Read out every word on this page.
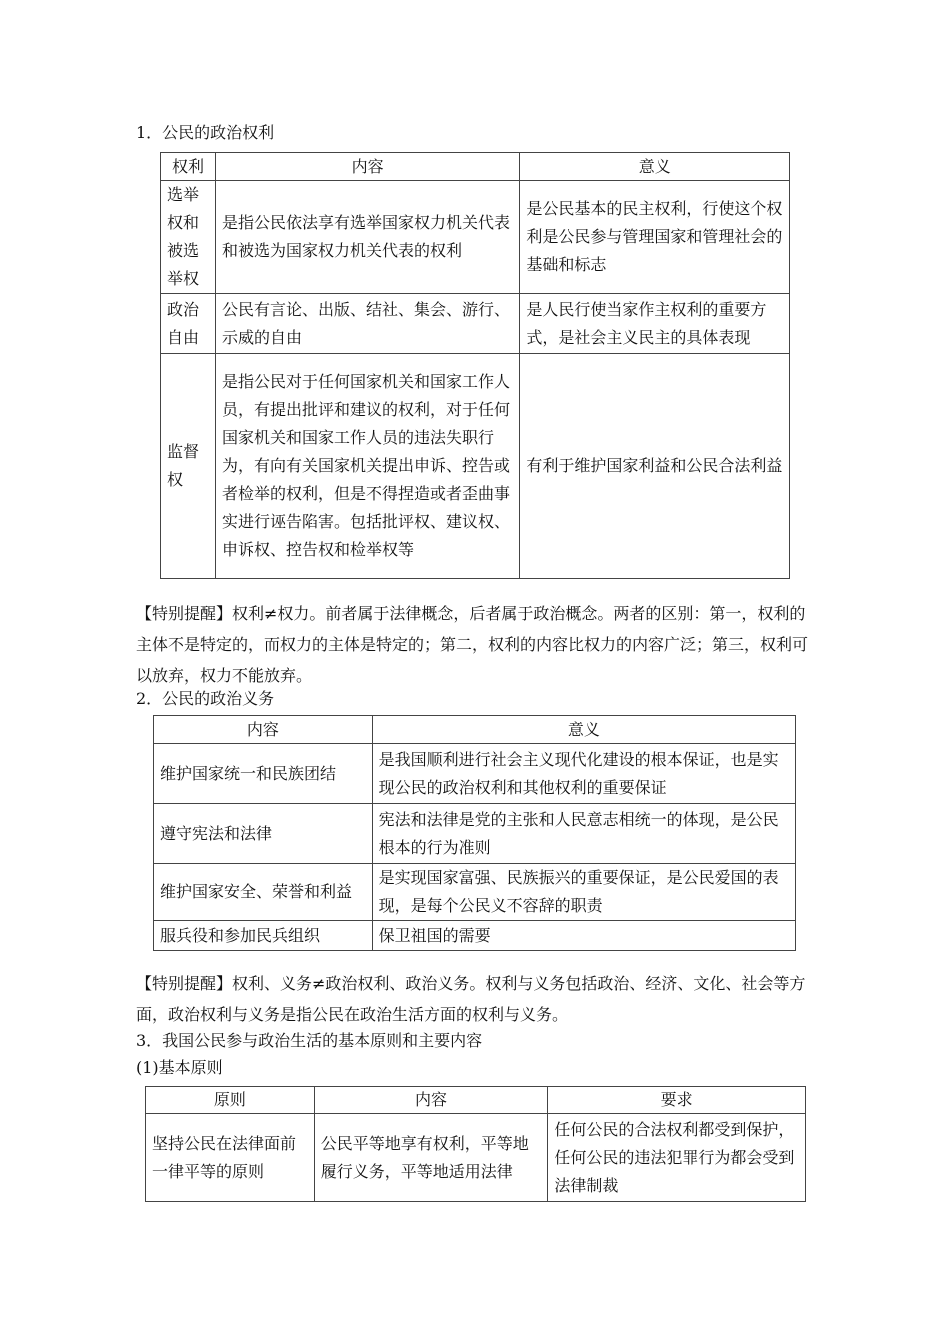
1．公民的政治权利
权利	内容	意义
选举权和被选举权	是指公民依法享有选举国家权力机关代表和被选为国家权力机关代表的权利	是公民基本的民主权利，行使这个权利是公民参与管理国家和管理社会的基础和标志
政治自由	公民有言论、出版、结社、集会、游行、示威的自由	是人民行使当家作主权利的重要方式，是社会主义民主的具体表现
监督权	是指公民对于任何国家机关和国家工作人员，有提出批评和建议的权利，对于任何国家机关和国家工作人员的违法失职行为，有向有关国家机关提出申诉、控告或者检举的权利，但是不得捏造或者歪曲事实进行诬告陷害。包括批评权、建议权、申诉权、控告权和检举权等	有利于维护国家利益和公民合法利益
【特别提醒】权利≠权力。前者属于法律概念，后者属于政治概念。两者的区别：第一，权利的主体不是特定的，而权力的主体是特定的；第二，权利的内容比权力的内容广泛；第三，权利可以放弃，权力不能放弃。
2．公民的政治义务
内容	意义
维护国家统一和民族团结	是我国顺利进行社会主义现代化建设的根本保证，也是实现公民的政治权利和其他权利的重要保证
遵守宪法和法律	宪法和法律是党的主张和人民意志相统一的体现，是公民根本的行为准则
维护国家安全、荣誉和利益	是实现国家富强、民族振兴的重要保证，是公民爱国的表现，是每个公民义不容辞的职责
服兵役和参加民兵组织	保卫祖国的需要
【特别提醒】权利、义务≠政治权利、政治义务。权利与义务包括政治、经济、文化、社会等方面，政治权利与义务是指公民在政治生活方面的权利与义务。
3．我国公民参与政治生活的基本原则和主要内容
(1)基本原则
原则	内容	要求
坚持公民在法律面前一律平等的原则	公民平等地享有权利，平等地履行义务，平等地适用法律	任何公民的合法权利都受到保护，任何公民的违法犯罪行为都会受到法律制裁
